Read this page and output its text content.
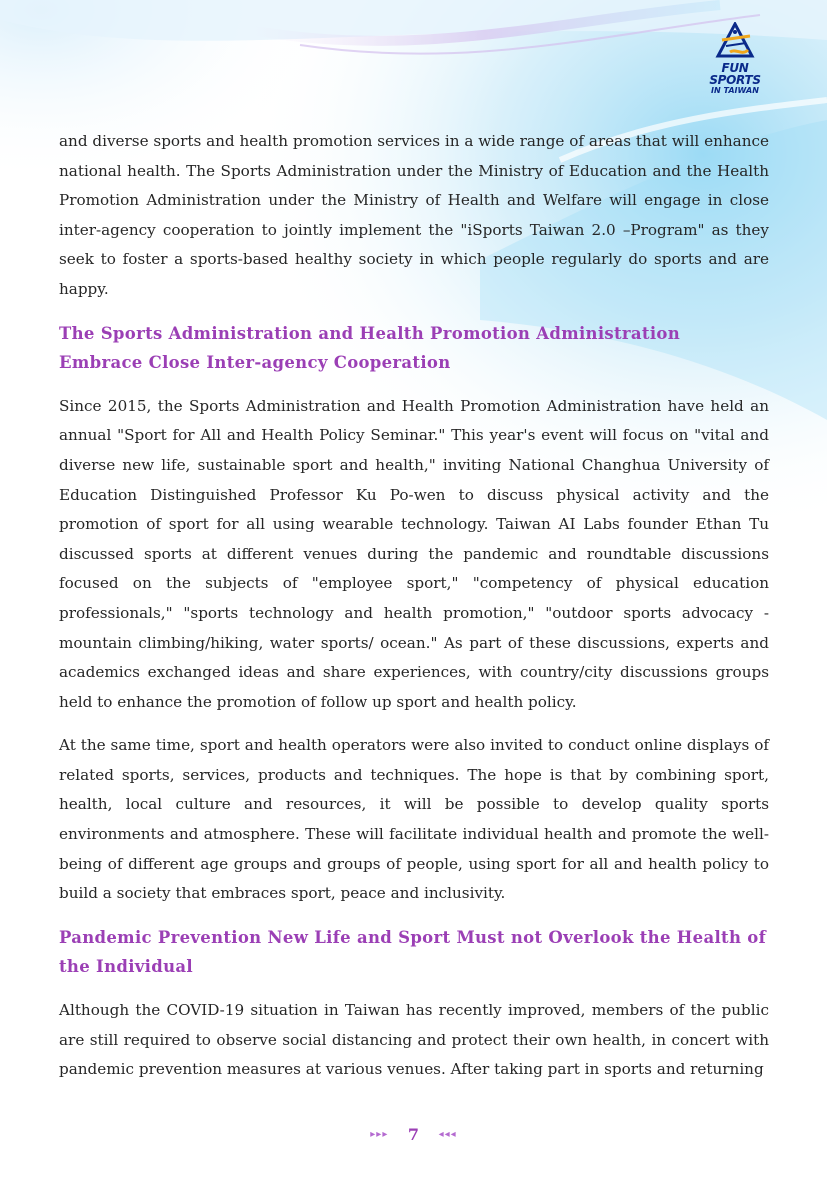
FUN SPORTS
IN TAIWAN

and diverse sports and health promotion services in a wide range of areas that will enhance national health. The Sports Administration under the Ministry of Education and the Health Promotion Administration under the Ministry of Health and Welfare will engage in close inter-agency cooperation to jointly implement the "iSports Taiwan 2.0 –Program" as they seek to foster a sports-based healthy society in which people regularly do sports and are happy.

The Sports Administration and Health Promotion Administration Embrace Close Inter-agency Cooperation

Since 2015, the Sports Administration and Health Promotion Administration have held an annual "Sport for All and Health Policy Seminar." This year's event will focus on "vital and diverse new life, sustainable sport and health," inviting National Changhua University of Education Distinguished Professor Ku Po-wen to discuss physical activity and the promotion of sport for all using wearable technology. Taiwan AI Labs founder Ethan Tu discussed sports at different venues during the pandemic and roundtable discussions focused on the subjects of "employee sport," "competency of physical education professionals," "sports technology and health promotion," "outdoor sports advocacy - mountain climbing/hiking, water sports/ ocean." As part of these discussions, experts and academics exchanged ideas and share experiences, with country/city discussions groups held to enhance the promotion of follow up sport and health policy.

At the same time, sport and health operators were also invited to conduct online displays of related sports, services, products and techniques. The hope is that by combining sport, health, local culture and resources, it will be possible to develop quality sports environments and atmosphere. These will facilitate individual health and promote the well-being of different age groups and groups of people, using sport for all and health policy to build a society that embraces sport, peace and inclusivity.

Pandemic Prevention New Life and Sport Must not Overlook the Health of the Individual

Although the COVID-19 situation in Taiwan has recently improved, members of the public are still required to observe social distancing and protect their own health, in concert with pandemic prevention measures at various venues. After taking part in sports and returning

▸▸▸ 7 ◂◂◂
